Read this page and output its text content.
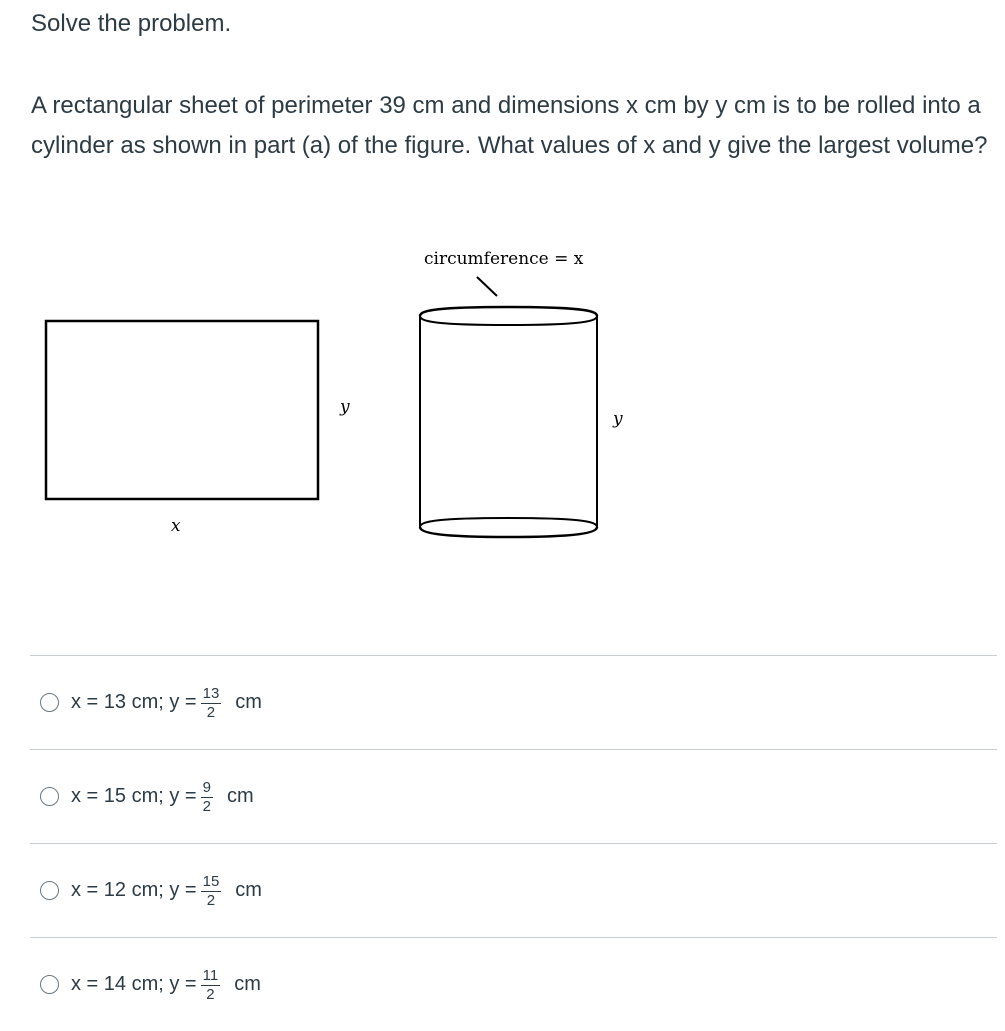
Solve the problem.
A rectangular sheet of perimeter 39 cm and dimensions x cm by y cm is to be rolled into a cylinder as shown in part (a) of the figure. What values of x and y give the largest volume?
x
y
circumference = x
y
x = 13 cm; $y = \frac{13}{2}$ cm
x = 15 cm; $y = \frac{9}{2}$ cm
x = 12 cm; $y = \frac{15}{2}$ cm
x = 14 cm; $y = \frac{11}{2}$ cm
